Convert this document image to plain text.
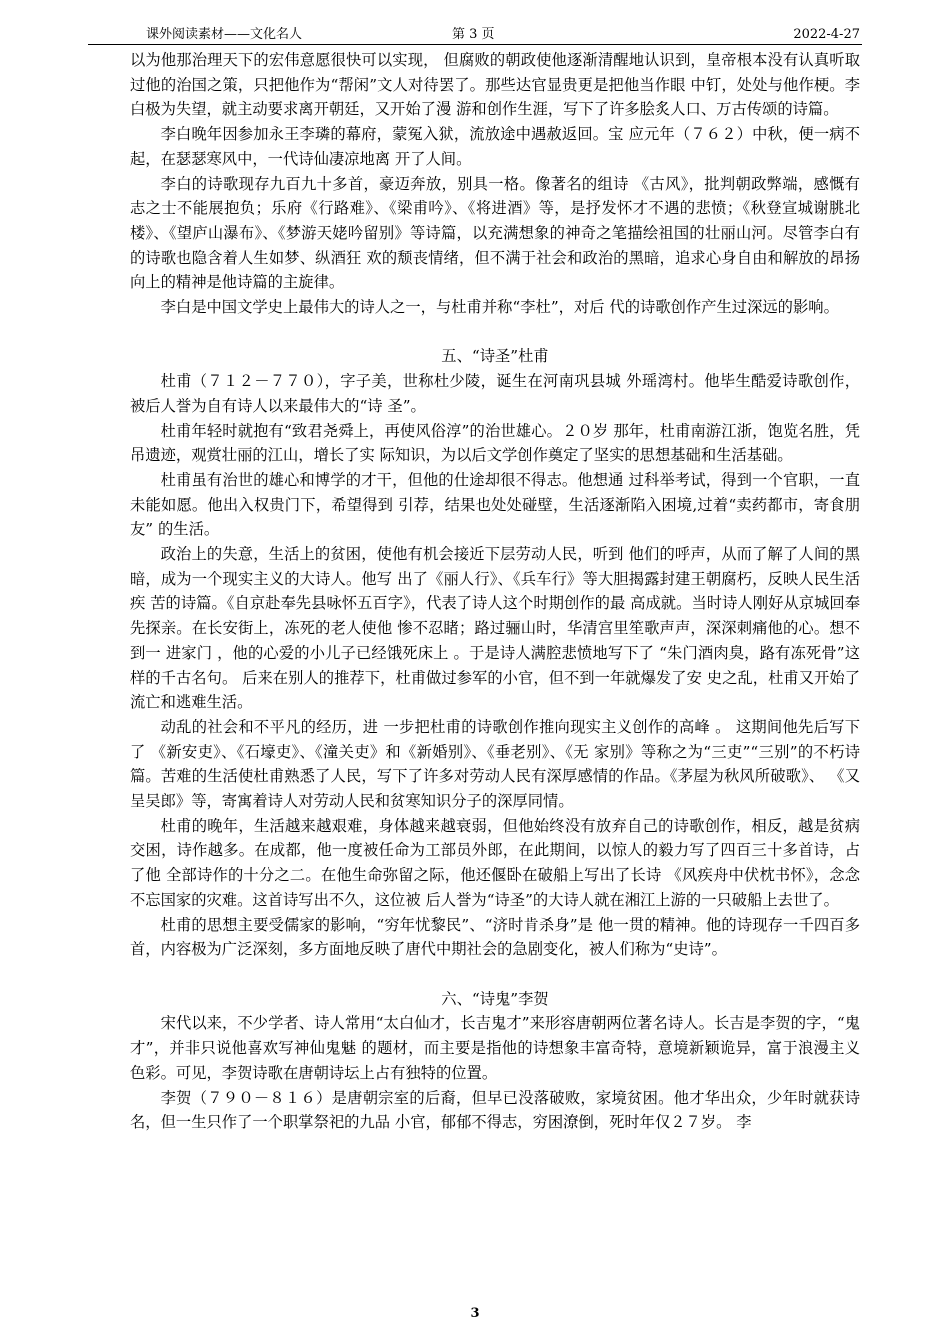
课外阅读素材——文化名人	第 3 页	2022-4-27

以为他那治理天下的宏伟意愿很快可以实现， 但腐败的朝政使他逐渐清醒地认识到，皇帝根本没有认真听取过他的治国之策，只把他作为“帮闲”文人对待罢了。那些达官显贵更是把他当作眼 中钉，处处与他作梗。李白极为失望，就主动要求离开朝廷，又开始了漫 游和创作生涯，写下了许多脍炙人口、万古传颂的诗篇。

李白晚年因参加永王李璘的幕府，蒙冤入狱，流放途中遇赦返回。宝 应元年（７６２）中秋，便一病不起，在瑟瑟寒风中，一代诗仙凄凉地离 开了人间。

李白的诗歌现存九百九十多首，豪迈奔放，别具一格。像著名的组诗 《古风》，批判朝政弊端，感慨有志之士不能展抱负；乐府《行路难》、《梁甫吟》、《将进酒》等，是抒发怀才不遇的悲愤；《秋登宣城谢朓北 楼》、《望庐山瀑布》、《梦游天姥吟留别》等诗篇，以充满想象的神奇之笔描绘祖国的壮丽山河。尽管李白有的诗歌也隐含着人生如梦、纵酒狂 欢的颓丧情绪，但不满于社会和政治的黑暗，追求心身自由和解放的昂扬 向上的精神是他诗篇的主旋律。

李白是中国文学史上最伟大的诗人之一，与杜甫并称“李杜”，对后 代的诗歌创作产生过深远的影响。

五、“诗圣”杜甫

杜甫（７１２－７７０），字子美，世称杜少陵，诞生在河南巩县城 外瑶湾村。他毕生酷爱诗歌创作，被后人誉为自有诗人以来最伟大的“诗 圣”。

杜甫年轻时就抱有“致君尧舜上，再使风俗淳”的治世雄心。２０岁 那年，杜甫南游江浙，饱览名胜，凭吊遗迹，观赏壮丽的江山，增长了实 际知识，为以后文学创作奠定了坚实的思想基础和生活基础。

杜甫虽有治世的雄心和博学的才干，但他的仕途却很不得志。他想通 过科举考试，得到一个官职，一直未能如愿。他出入权贵门下，希望得到 引荐，结果也处处碰壁，生活逐渐陷入困境,过着“卖药都市，寄食朋友” 的生活。

政治上的失意，生活上的贫困，使他有机会接近下层劳动人民，听到 他们的呼声，从而了解了人间的黑暗，成为一个现实主义的大诗人。他写 出了《丽人行》、《兵车行》等大胆揭露封建王朝腐朽，反映人民生活疾 苦的诗篇。《自京赴奉先县咏怀五百字》，代表了诗人这个时期创作的最 高成就。当时诗人刚好从京城回奉先探亲。在长安街上，冻死的老人使他 惨不忍睹；路过骊山时，华清宫里笙歌声声，深深刺痛他的心。想不到一 进家门 ，他的心爱的小儿子已经饿死床上 。于是诗人满腔悲愤地写下了 “朱门酒肉臭，路有冻死骨”这样的千古名句。 后来在别人的推荐下，杜甫做过参军的小官，但不到一年就爆发了安 史之乱，杜甫又开始了流亡和逃难生活。

动乱的社会和不平凡的经历，进 一步把杜甫的诗歌创作推向现实主义创作的高峰 。 这期间他先后写下了 《新安吏》、《石壕吏》、《潼关吏》和《新婚别》、《垂老别》、《无 家别》等称之为“三吏”“三别”的不朽诗篇。苦难的生活使杜甫熟悉了人民，写下了许多对劳动人民有深厚感情的作品。《茅屋为秋风所破歌》、 《又呈吴郎》等，寄寓着诗人对劳动人民和贫寒知识分子的深厚同情。

杜甫的晚年，生活越来越艰难，身体越来越衰弱，但他始终没有放弃自己的诗歌创作，相反，越是贫病交困，诗作越多。在成都，他一度被任命为工部员外郎，在此期间，以惊人的毅力写了四百三十多首诗，占了他 全部诗作的十分之二。在他生命弥留之际，他还偃卧在破船上写出了长诗 《风疾舟中伏枕书怀》，念念不忘国家的灾难。这首诗写出不久，这位被 后人誉为“诗圣”的大诗人就在湘江上游的一只破船上去世了。

杜甫的思想主要受儒家的影响，“穷年忧黎民”、“济时肯杀身”是 他一贯的精神。他的诗现存一千四百多首，内容极为广泛深刻，多方面地反映了唐代中期社会的急剧变化，被人们称为“史诗”。

六、“诗鬼”李贺

宋代以来，不少学者、诗人常用“太白仙才，长吉鬼才”来形容唐朝两位著名诗人。长吉是李贺的字，“鬼才”，并非只说他喜欢写神仙鬼魅 的题材，而主要是指他的诗想象丰富奇特，意境新颖诡异，富于浪漫主义 色彩。可见，李贺诗歌在唐朝诗坛上占有独特的位置。

李贺（７９０－８１６）是唐朝宗室的后裔，但早已没落破败，家境贫困。他才华出众，少年时就获诗名，但一生只作了一个职掌祭祀的九品 小官，郁郁不得志，穷困潦倒，死时年仅２７岁。 李

3
